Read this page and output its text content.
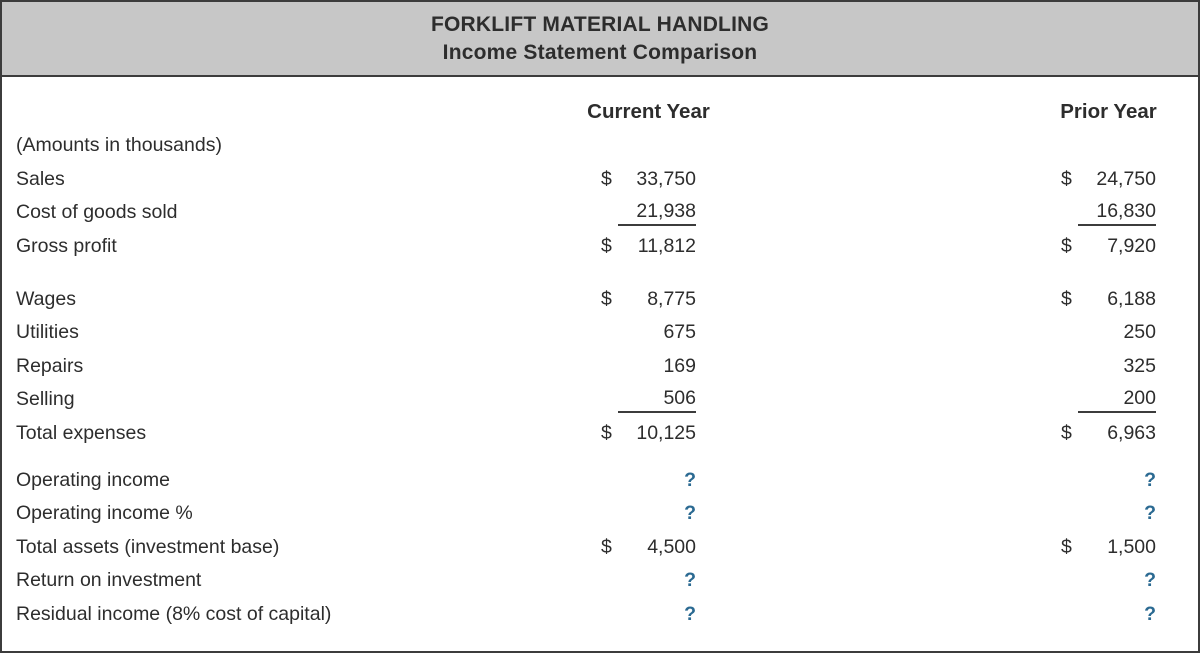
FORKLIFT MATERIAL HANDLING
Income Statement Comparison
Current Year	Prior Year
(Amounts in thousands)
Sales	$ 33,750	$ 24,750
Cost of goods sold	21,938	16,830
Gross profit	$ 11,812	$ 7,920
Wages	$ 8,775	$ 6,188
Utilities	675	250
Repairs	169	325
Selling	506	200
Total expenses	$ 10,125	$ 6,963
Operating income	?	?
Operating income %	?	?
Total assets (investment base)	$ 4,500	$ 1,500
Return on investment	?	?
Residual income (8% cost of capital)	?	?
